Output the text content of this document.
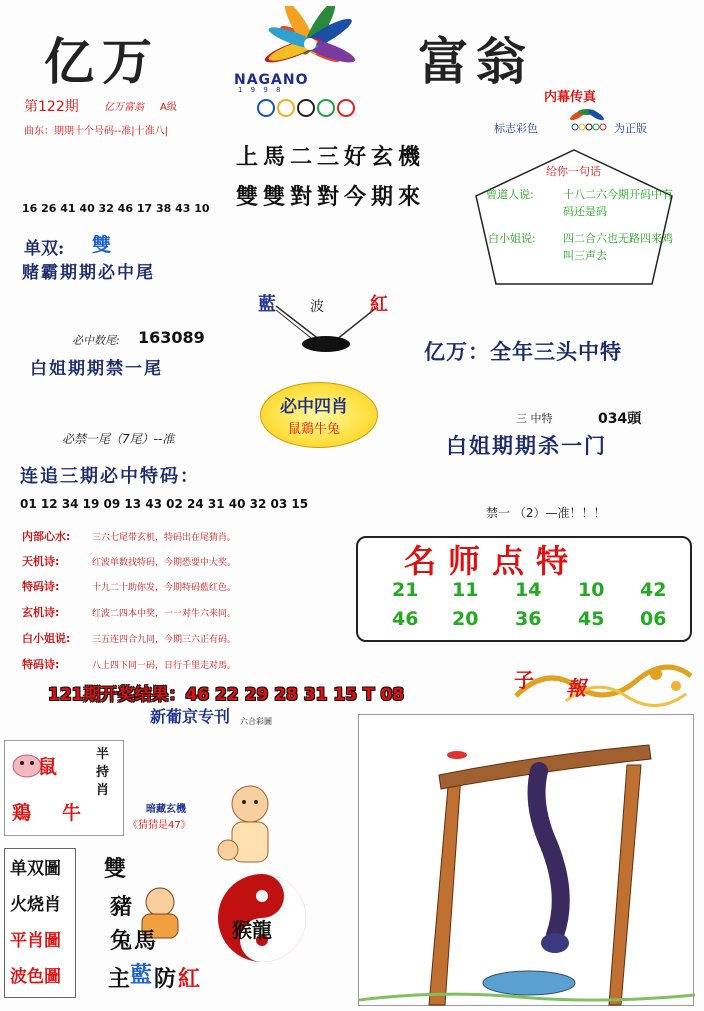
亿万	富翁
NAGANO
1 9 9 8
第122期	亿万富翁 A级
曲东：期期十个号码--准|十准八|
上馬二三好玄機
雙雙對對今期來
内幕传真
标志彩色	为正版
给你一句话
曾道人说:	十八二六今期开码中有码还是码
白小姐说: 四二合六也无路四来鸡叫三声去
16 26 41 40 32 46 17 38 43 10
单双: 雙
赌霸期期必中尾
藍 波	紅
必中数尾: 163089
白姐期期禁一尾
亿万：全年三头中特
必中四肖
鼠鶏牛兔
必禁一尾（7尾）--准
三 中特	034頭
白姐期期杀一门
连追三期必中特码：
01 12 34 19 09 13 43 02 24 31 40 32 03 15
禁一 （2）—准！！！
内部心水: 三六七尾带玄机，特码出在尾猜肖。
天机诗:	红波单数找特码，今期恐要中大奖。
特码诗:	十九二十助你发，今期特码藍红色。
玄机诗:	红波二四本中奖，一一对牛六来同。
白小姐说: 三五连四合九同，今期三六正有码。
特码诗:	八上四下同一码，日行千里走对馬。
名师点特
21 11 14 10 42
46 20 36 45 06
121期开奖结果：46 22 29 28 31 15 T 08
子 報
新葡京专刊 六合彩圖
鼠
鶏 牛
半持肖
暗藏玄機
《猜猜是47》
单双圖
火烧肖
平肖圖
波色圖
雙
豬
兔馬	猴龍
主 藍 防 紅
